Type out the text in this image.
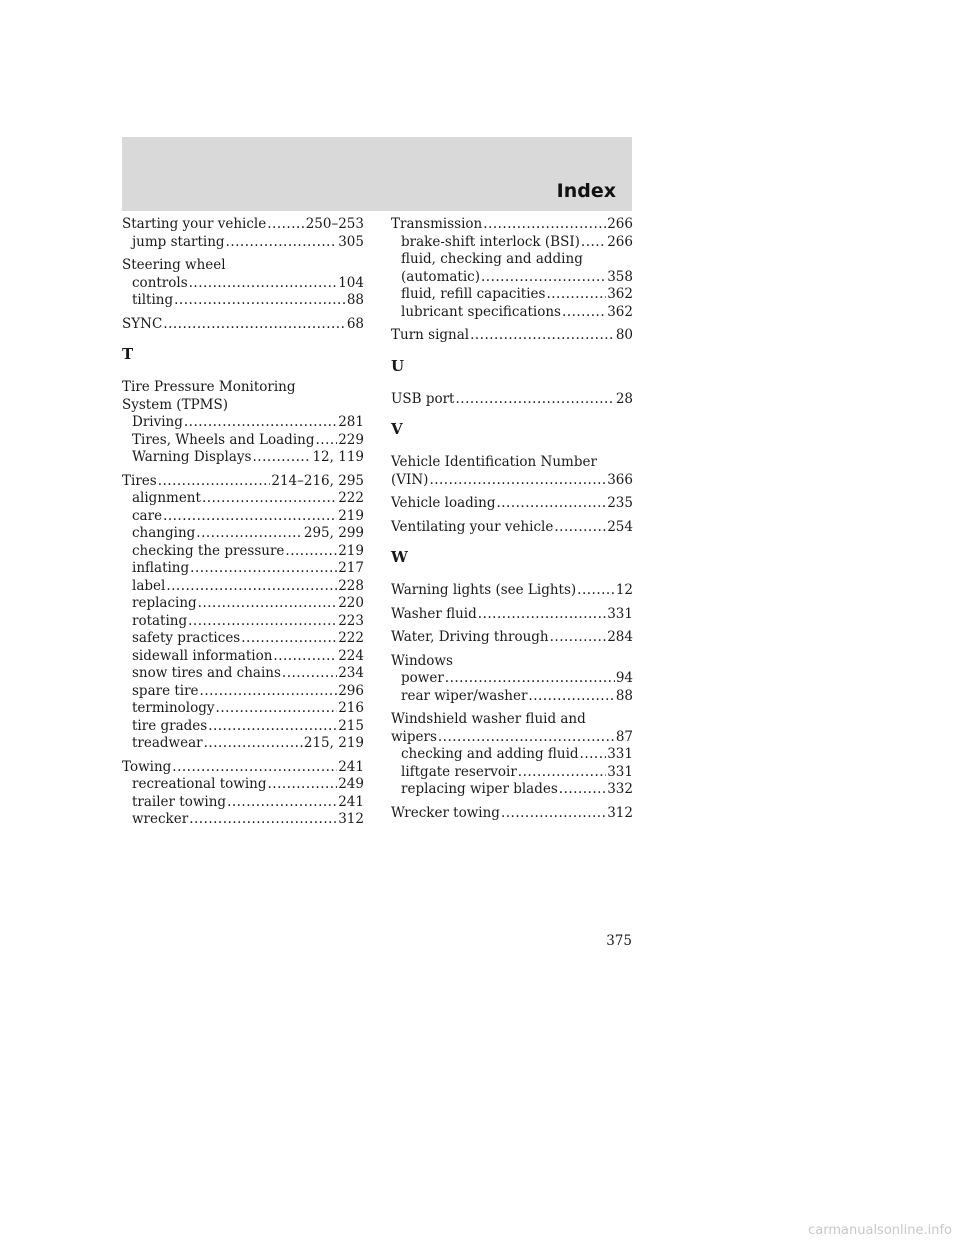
Index
Starting your vehicle .....	250–253
jump starting .....	305
Steering wheel
controls .....	104
tilting .....	88
SYNC .....	68
T
Tire Pressure Monitoring
System (TPMS)
Driving .....	281
Tires, Wheels and Loading ..... 229
Warning Displays .....	12, 119
Tires .....	214–216, 295
alignment .....	222
care .....	219
changing .....	295, 299
checking the pressure .....	219
inflating .....	217
label .....	228
replacing .....	220
rotating .....	223
safety practices .....	222
sidewall information .....	224
snow tires and chains .....	234
spare tire .....	296
terminology .....	216
tire grades .....	215
treadwear .....	215, 219
Towing .....	241
recreational towing .....	249
trailer towing .....	241
wrecker .....	312
Transmission .....	266
brake-shift interlock (BSI) ..... 266
fluid, checking and adding
(automatic) .....	358
fluid, refill capacities .....	362
lubricant specifications .....	362
Turn signal .....	80
U
USB port .....	28
V
Vehicle Identification Number
(VIN) .....	366
Vehicle loading .....	235
Ventilating your vehicle .....	254
W
Warning lights (see Lights) .....	12
Washer fluid .....	331
Water, Driving through .....	284
Windows
power .....	94
rear wiper/washer .....	88
Windshield washer fluid and
wipers .....	87
checking and adding fluid ..... 331
liftgate reservoir .....	331
replacing wiper blades .....	332
Wrecker towing .....	312
375
carmanualsonline.info
